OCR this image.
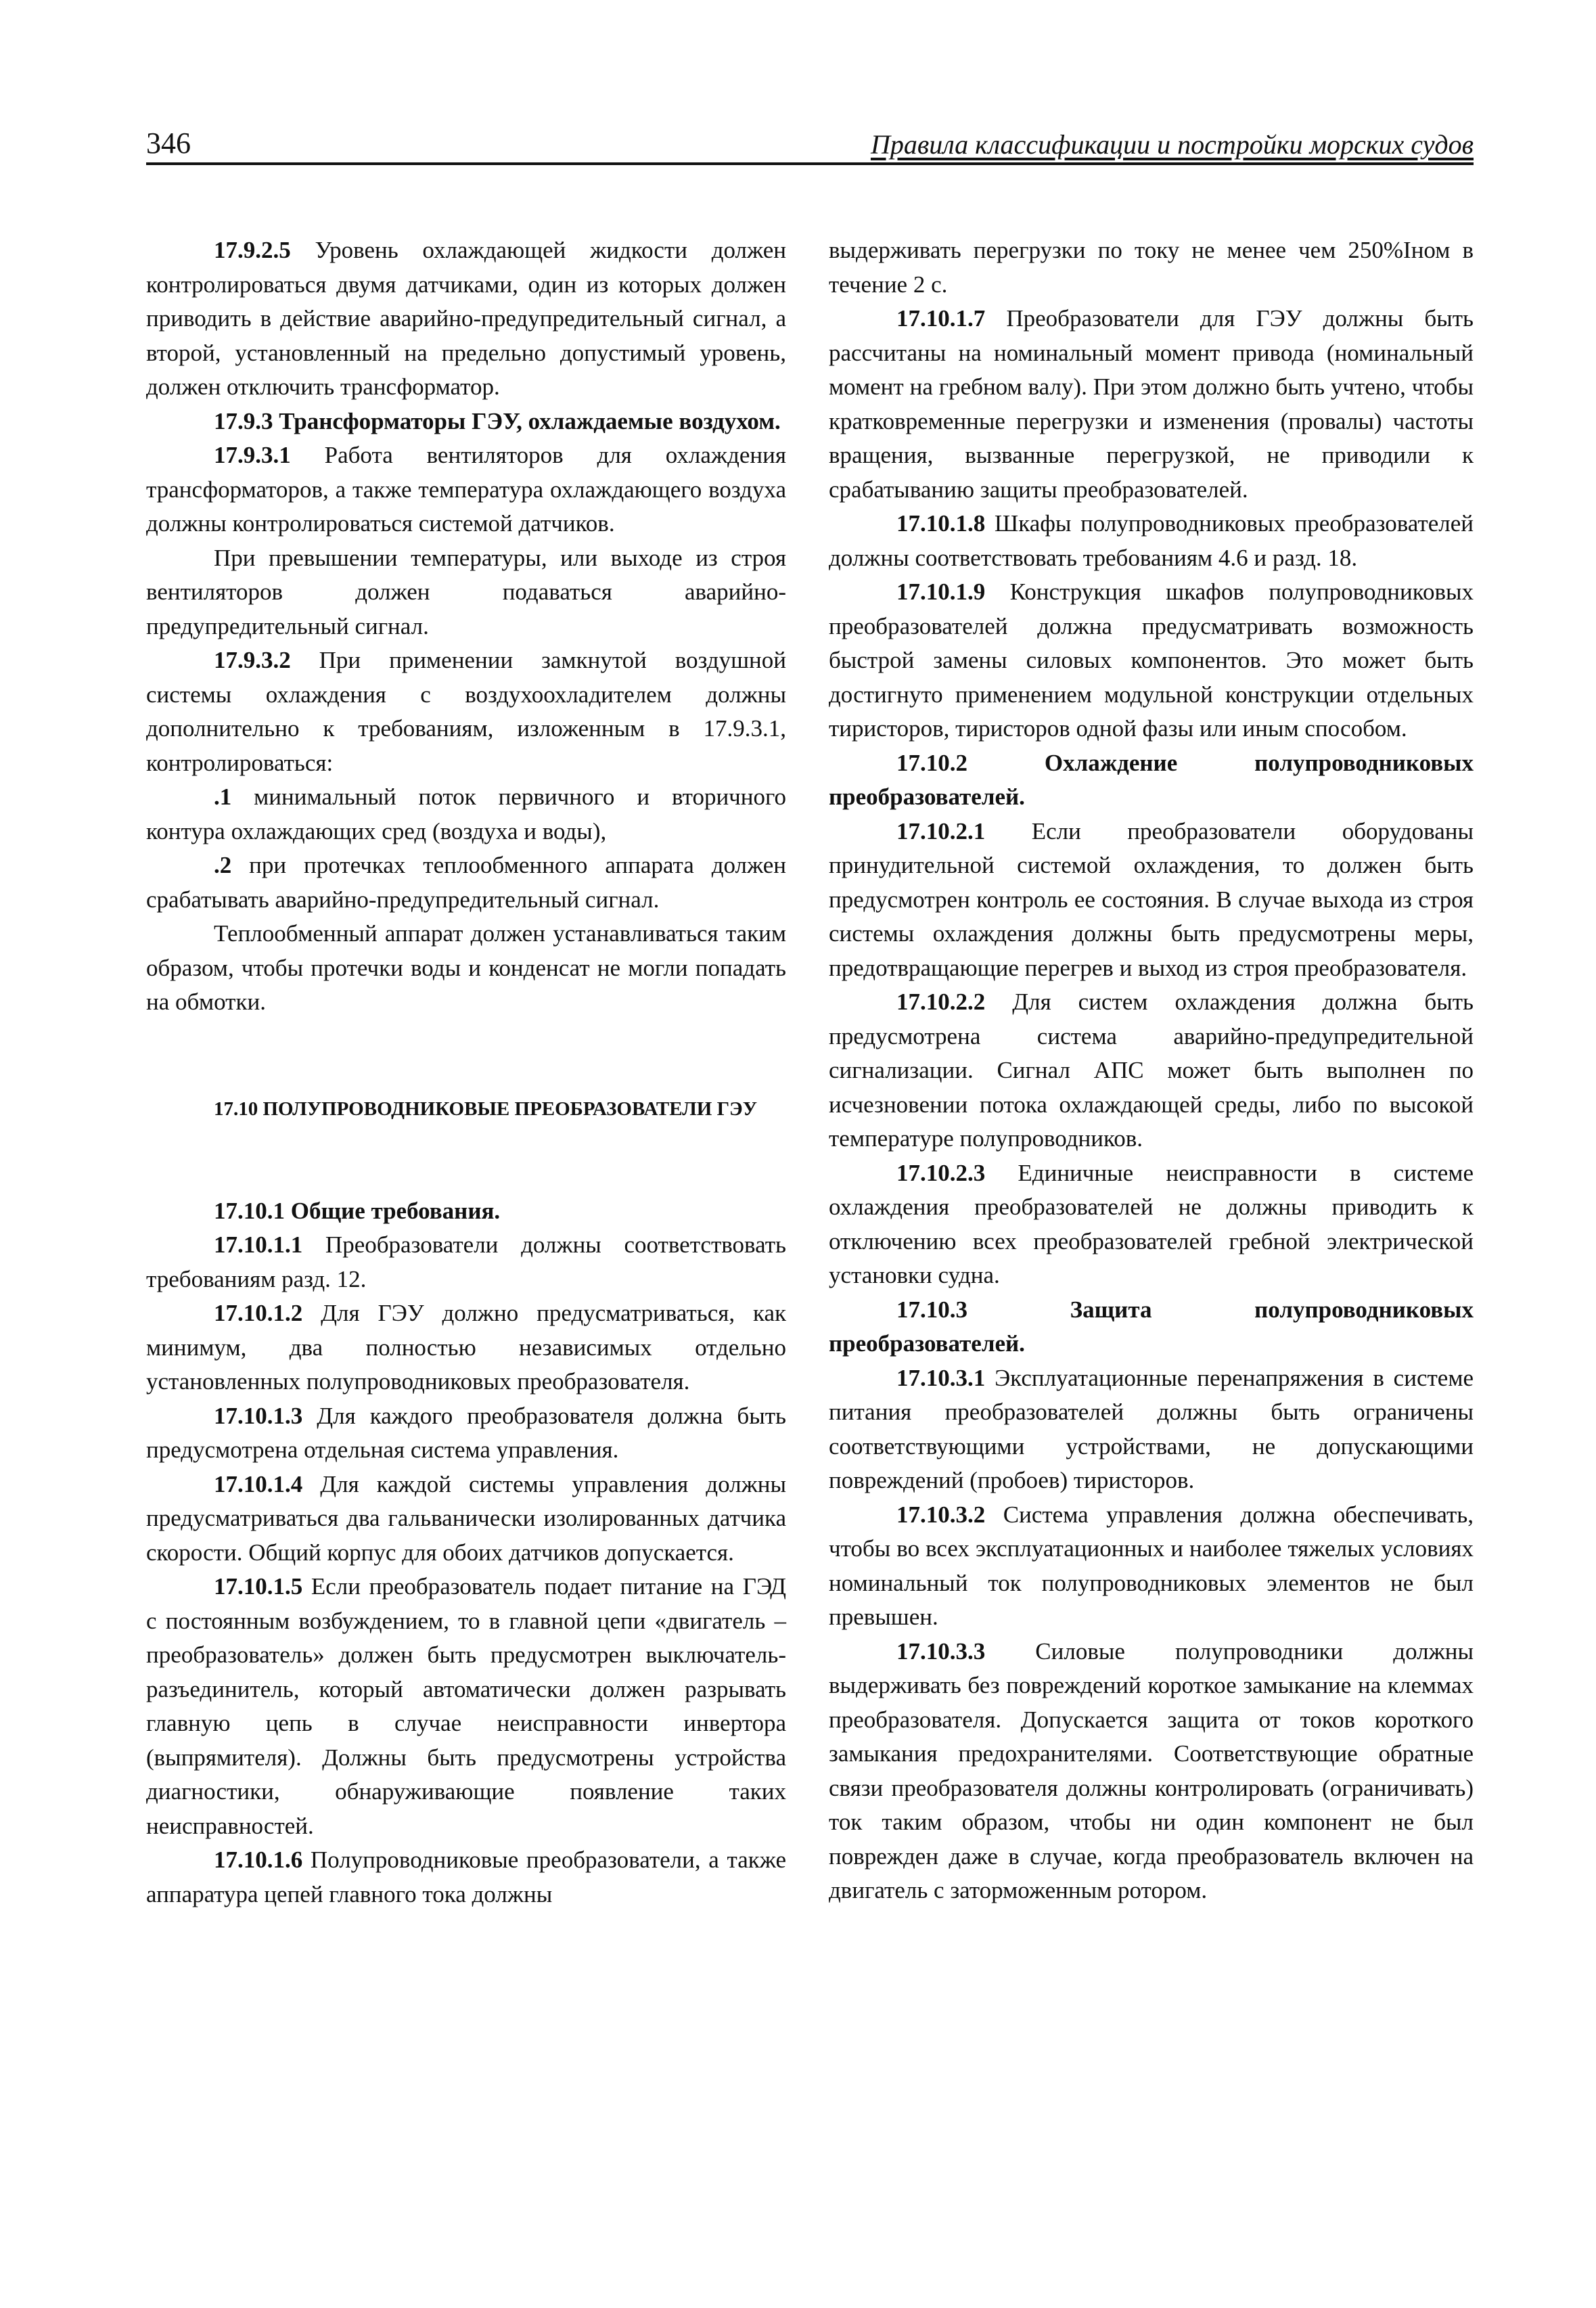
346	Правила классификации и постройки морских судов

17.9.2.5 Уровень охлаждающей жидкости должен контролироваться двумя датчиками, один из которых должен приводить в действие аварийно-предупредительный сигнал, а второй, установленный на предельно допустимый уровень, должен отключить трансформатор.

17.9.3 Трансформаторы ГЭУ, охлаждаемые воздухом.

17.9.3.1 Работа вентиляторов для охлаждения трансформаторов, а также температура охлаждающего воздуха должны контролироваться системой датчиков.

При превышении температуры, или выходе из строя вентиляторов должен подаваться аварийно-предупредительный сигнал.

17.9.3.2 При применении замкнутой воздушной системы охлаждения с воздухоохладителем должны дополнительно к требованиям, изложенным в 17.9.3.1, контролироваться:

.1 минимальный поток первичного и вторичного контура охлаждающих сред (воздуха и воды),

.2 при протечках теплообменного аппарата должен срабатывать аварийно-предупредительный сигнал.

Теплообменный аппарат должен устанавливаться таким образом, чтобы протечки воды и конденсат не могли попадать на обмотки.

17.10 ПОЛУПРОВОДНИКОВЫЕ ПРЕОБРАЗОВАТЕЛИ ГЭУ

17.10.1 Общие требования.

17.10.1.1 Преобразователи должны соответствовать требованиям разд. 12.

17.10.1.2 Для ГЭУ должно предусматриваться, как минимум, два полностью независимых отдельно установленных полупроводниковых преобразователя.

17.10.1.3 Для каждого преобразователя должна быть предусмотрена отдельная система управления.

17.10.1.4 Для каждой системы управления должны предусматриваться два гальванически изолированных датчика скорости. Общий корпус для обоих датчиков допускается.

17.10.1.5 Если преобразователь подает питание на ГЭД с постоянным возбуждением, то в главной цепи «двигатель – преобразователь» должен быть предусмотрен выключатель-разъединитель, который автоматически должен разрывать главную цепь в случае неисправности инвертора (выпрямителя). Должны быть предусмотрены устройства диагностики, обнаруживающие появление таких неисправностей.

17.10.1.6 Полупроводниковые преобразователи, а также аппаратура цепей главного тока должны

выдерживать перегрузки по току не менее чем 250%Iном в течение 2 с.

17.10.1.7 Преобразователи для ГЭУ должны быть рассчитаны на номинальный момент привода (номинальный момент на гребном валу). При этом должно быть учтено, чтобы кратковременные перегрузки и изменения (провалы) частоты вращения, вызванные перегрузкой, не приводили к срабатыванию защиты преобразователей.

17.10.1.8 Шкафы полупроводниковых преобразователей должны соответствовать требованиям 4.6 и разд. 18.

17.10.1.9 Конструкция шкафов полупроводниковых преобразователей должна предусматривать возможность быстрой замены силовых компонентов. Это может быть достигнуто применением модульной конструкции отдельных тиристоров, тиристоров одной фазы или иным способом.

17.10.2 Охлаждение полупроводниковых преобразователей.

17.10.2.1 Если преобразователи оборудованы принудительной системой охлаждения, то должен быть предусмотрен контроль ее состояния. В случае выхода из строя системы охлаждения должны быть предусмотрены меры, предотвращающие перегрев и выход из строя преобразователя.

17.10.2.2 Для систем охлаждения должна быть предусмотрена система аварийно-предупредительной сигнализации. Сигнал АПС может быть выполнен по исчезновении потока охлаждающей среды, либо по высокой температуре полупроводников.

17.10.2.3 Единичные неисправности в системе охлаждения преобразователей не должны приводить к отключению всех преобразователей гребной электрической установки судна.

17.10.3 Защита полупроводниковых преобразователей.

17.10.3.1 Эксплуатационные перенапряжения в системе питания преобразователей должны быть ограничены соответствующими устройствами, не допускающими повреждений (пробоев) тиристоров.

17.10.3.2 Система управления должна обеспечивать, чтобы во всех эксплуатационных и наиболее тяжелых условиях номинальный ток полупроводниковых элементов не был превышен.

17.10.3.3 Силовые полупроводники должны выдерживать без повреждений короткое замыкание на клеммах преобразователя. Допускается защита от токов короткого замыкания предохранителями. Соответствующие обратные связи преобразователя должны контролировать (ограничивать) ток таким образом, чтобы ни один компонент не был поврежден даже в случае, когда преобразователь включен на двигатель с заторможенным ротором.
